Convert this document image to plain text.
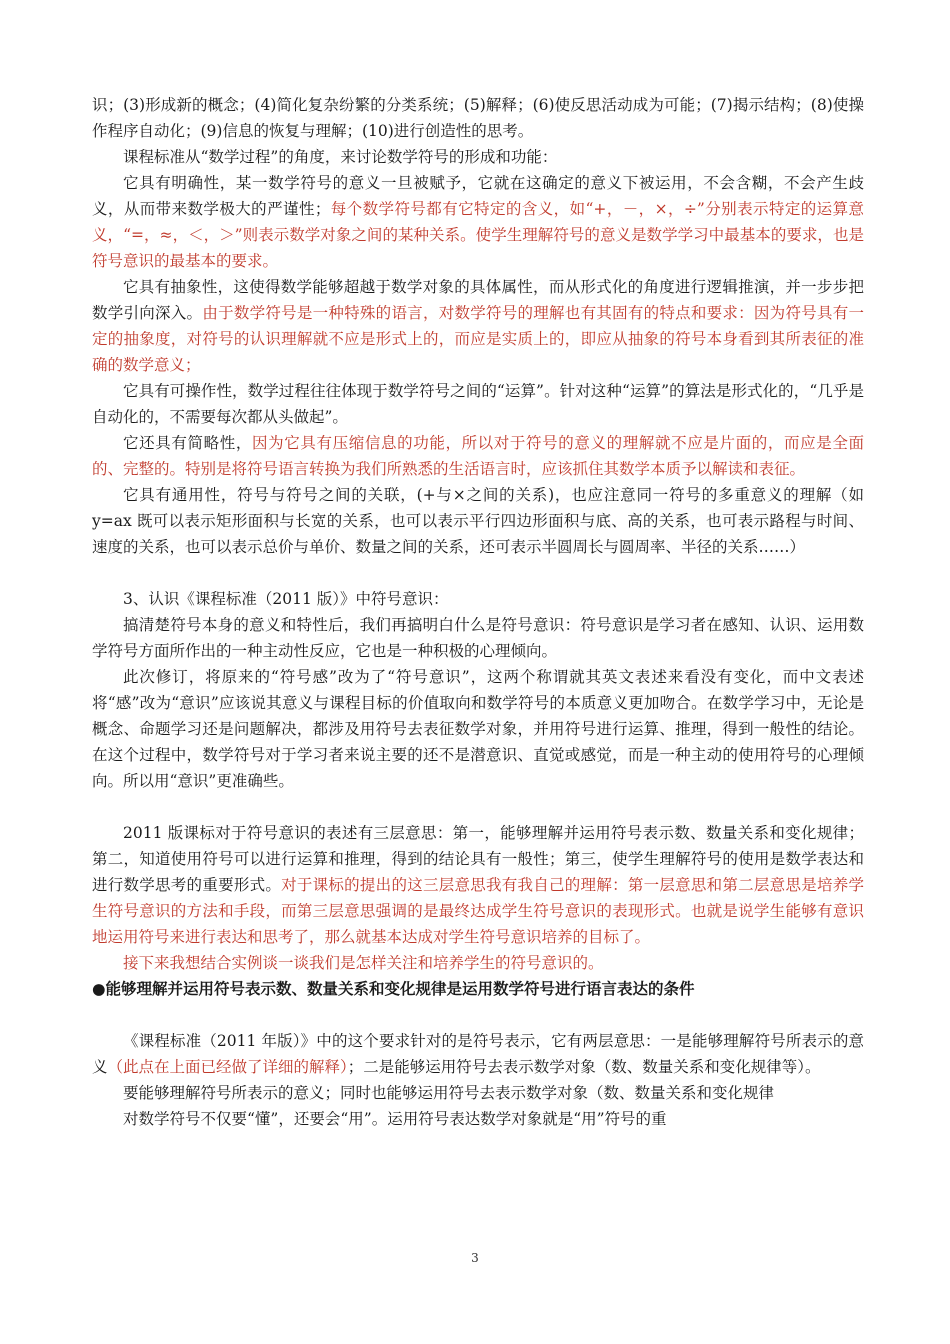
识；(3)形成新的概念；(4)简化复杂纷繁的分类系统；(5)解释；(6)使反思活动成为可能；(7)揭示结构；(8)使操作程序自动化；(9)信息的恢复与理解；(10)进行创造性的思考。

课程标准从“数学过程”的角度，来讨论数学符号的形成和功能：

它具有明确性，某一数学符号的意义一旦被赋予，它就在这确定的意义下被运用，不会含糊，不会产生歧义，从而带来数学极大的严谨性；每个数学符号都有它特定的含义，如“+，－，×，÷”分别表示特定的运算意义，“=，≈，＜，＞”则表示数学对象之间的某种关系。使学生理解符号的意义是数学学习中最基本的要求，也是符号意识的最基本的要求。

它具有抽象性，这使得数学能够超越于数学对象的具体属性，而从形式化的角度进行逻辑推演，并一步步把数学引向深入。由于数学符号是一种特殊的语言，对数学符号的理解也有其固有的特点和要求：因为符号具有一定的抽象度，对符号的认识理解就不应是形式上的，而应是实质上的，即应从抽象的符号本身看到其所表征的准确的数学意义；

它具有可操作性，数学过程往往体现于数学符号之间的“运算”。针对这种“运算”的算法是形式化的，“几乎是自动化的，不需要每次都从头做起”。

它还具有简略性，因为它具有压缩信息的功能，所以对于符号的意义的理解就不应是片面的，而应是全面的、完整的。特别是将符号语言转换为我们所熟悉的生活语言时，应该抓住其数学本质予以解读和表征。

它具有通用性，符号与符号之间的关联，(+与×之间的关系)，也应注意同一符号的多重意义的理解（如 y=ax 既可以表示矩形面积与长宽的关系，也可以表示平行四边形面积与底、高的关系，也可表示路程与时间、速度的关系，也可以表示总价与单价、数量之间的关系，还可表示半圆周长与圆周率、半径的关系……）

3、认识《课程标准（2011 版）》中符号意识：

搞清楚符号本身的意义和特性后，我们再搞明白什么是符号意识：符号意识是学习者在感知、认识、运用数学符号方面所作出的一种主动性反应，它也是一种积极的心理倾向。

此次修订，将原来的“符号感”改为了“符号意识”，这两个称谓就其英文表述来看没有变化，而中文表述将“感”改为“意识”应该说其意义与课程目标的价值取向和数学符号的本质意义更加吻合。在数学学习中，无论是概念、命题学习还是问题解决，都涉及用符号去表征数学对象，并用符号进行运算、推理，得到一般性的结论。在这个过程中，数学符号对于学习者来说主要的还不是潜意识、直觉或感觉，而是一种主动的使用符号的心理倾向。所以用“意识”更准确些。

2011 版课标对于符号意识的表述有三层意思：第一，能够理解并运用符号表示数、数量关系和变化规律；第二，知道使用符号可以进行运算和推理，得到的结论具有一般性；第三，使学生理解符号的使用是数学表达和进行数学思考的重要形式。对于课标的提出的这三层意思我有我自己的理解：第一层意思和第二层意思是培养学生符号意识的方法和手段，而第三层意思强调的是最终达成学生符号意识的表现形式。也就是说学生能够有意识地运用符号来进行表达和思考了，那么就基本达成对学生符号意识培养的目标了。

接下来我想结合实例谈一谈我们是怎样关注和培养学生的符号意识的。

●能够理解并运用符号表示数、数量关系和变化规律是运用数学符号进行语言表达的条件

《课程标准（2011 年版）》中的这个要求针对的是符号表示，它有两层意思：一是能够理解符号所表示的意义（此点在上面已经做了详细的解释）；二是能够运用符号去表示数学对象（数、数量关系和变化规律等）。

要能够理解符号所表示的意义；同时也能够运用符号去表示数学对象（数、数量关系和变化规律

对数学符号不仅要“懂”，还要会“用”。运用符号表达数学对象就是“用”符号的重

3
